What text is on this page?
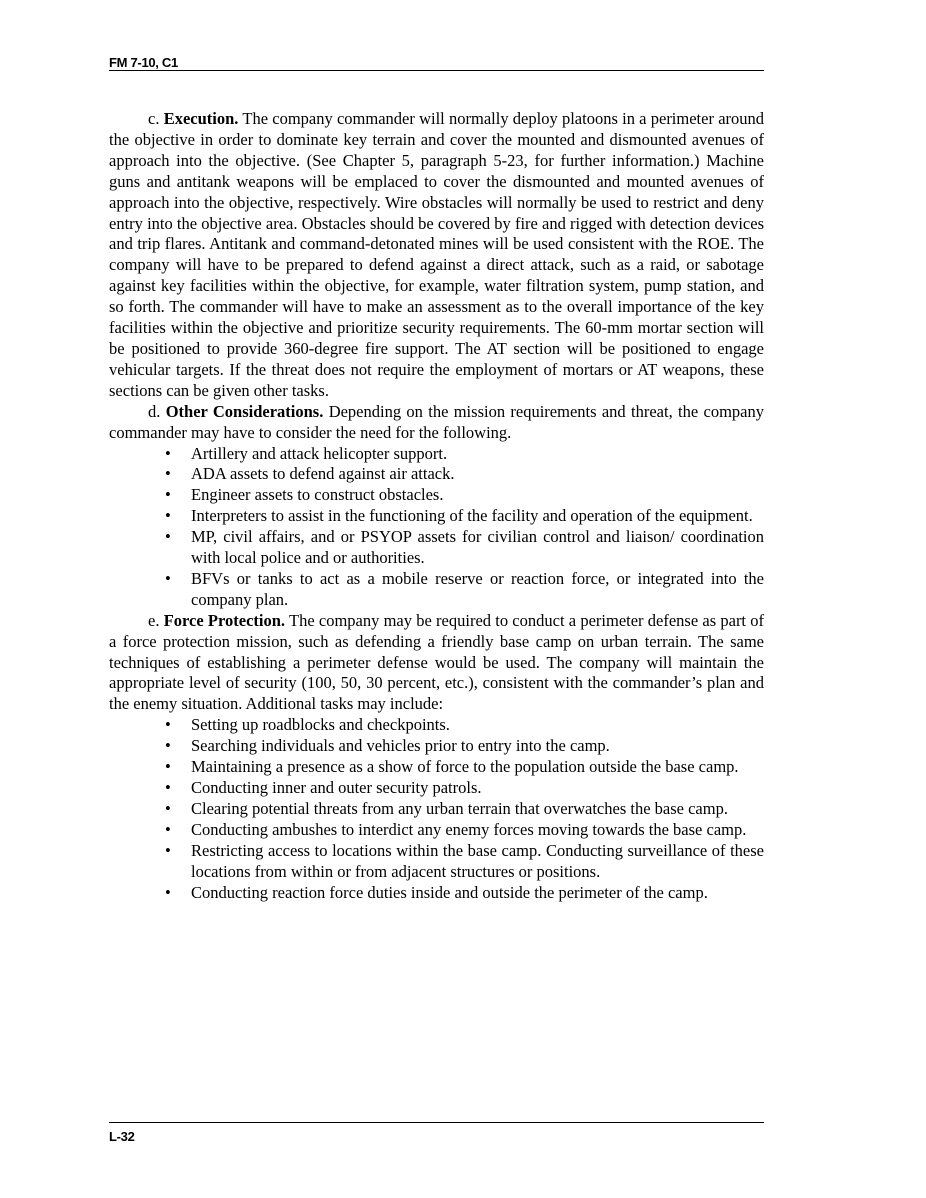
FM 7-10, C1

c. Execution. The company commander will normally deploy platoons in a perimeter around the objective in order to dominate key terrain and cover the mounted and dismounted avenues of approach into the objective. (See Chapter 5, paragraph 5-23, for further information.) Machine guns and antitank weapons will be emplaced to cover the dismounted and mounted avenues of approach into the objective, respectively. Wire obstacles will normally be used to restrict and deny entry into the objective area. Obstacles should be covered by fire and rigged with detection devices and trip flares. Antitank and command-detonated mines will be used consistent with the ROE. The company will have to be prepared to defend against a direct attack, such as a raid, or sabotage against key facilities within the objective, for example, water filtration system, pump station, and so forth. The commander will have to make an assessment as to the overall importance of the key facilities within the objective and prioritize security requirements. The 60-mm mortar section will be positioned to provide 360-degree fire support. The AT section will be positioned to engage vehicular targets. If the threat does not require the employment of mortars or AT weapons, these sections can be given other tasks.

d. Other Considerations. Depending on the mission requirements and threat, the company commander may have to consider the need for the following.

• Artillery and attack helicopter support.
• ADA assets to defend against air attack.
• Engineer assets to construct obstacles.
• Interpreters to assist in the functioning of the facility and operation of the equipment.
• MP, civil affairs, and or PSYOP assets for civilian control and liaison/ coordination with local police and or authorities.
• BFVs or tanks to act as a mobile reserve or reaction force, or integrated into the company plan.

e. Force Protection. The company may be required to conduct a perimeter defense as part of a force protection mission, such as defending a friendly base camp on urban terrain. The same techniques of establishing a perimeter defense would be used. The company will maintain the appropriate level of security (100, 50, 30 percent, etc.), consistent with the commander’s plan and the enemy situation. Additional tasks may include:

• Setting up roadblocks and checkpoints.
• Searching individuals and vehicles prior to entry into the camp.
• Maintaining a presence as a show of force to the population outside the base camp.
• Conducting inner and outer security patrols.
• Clearing potential threats from any urban terrain that overwatches the base camp.
• Conducting ambushes to interdict any enemy forces moving towards the base camp.
• Restricting access to locations within the base camp. Conducting surveillance of these locations from within or from adjacent structures or positions.
• Conducting reaction force duties inside and outside the perimeter of the camp.
L-32
